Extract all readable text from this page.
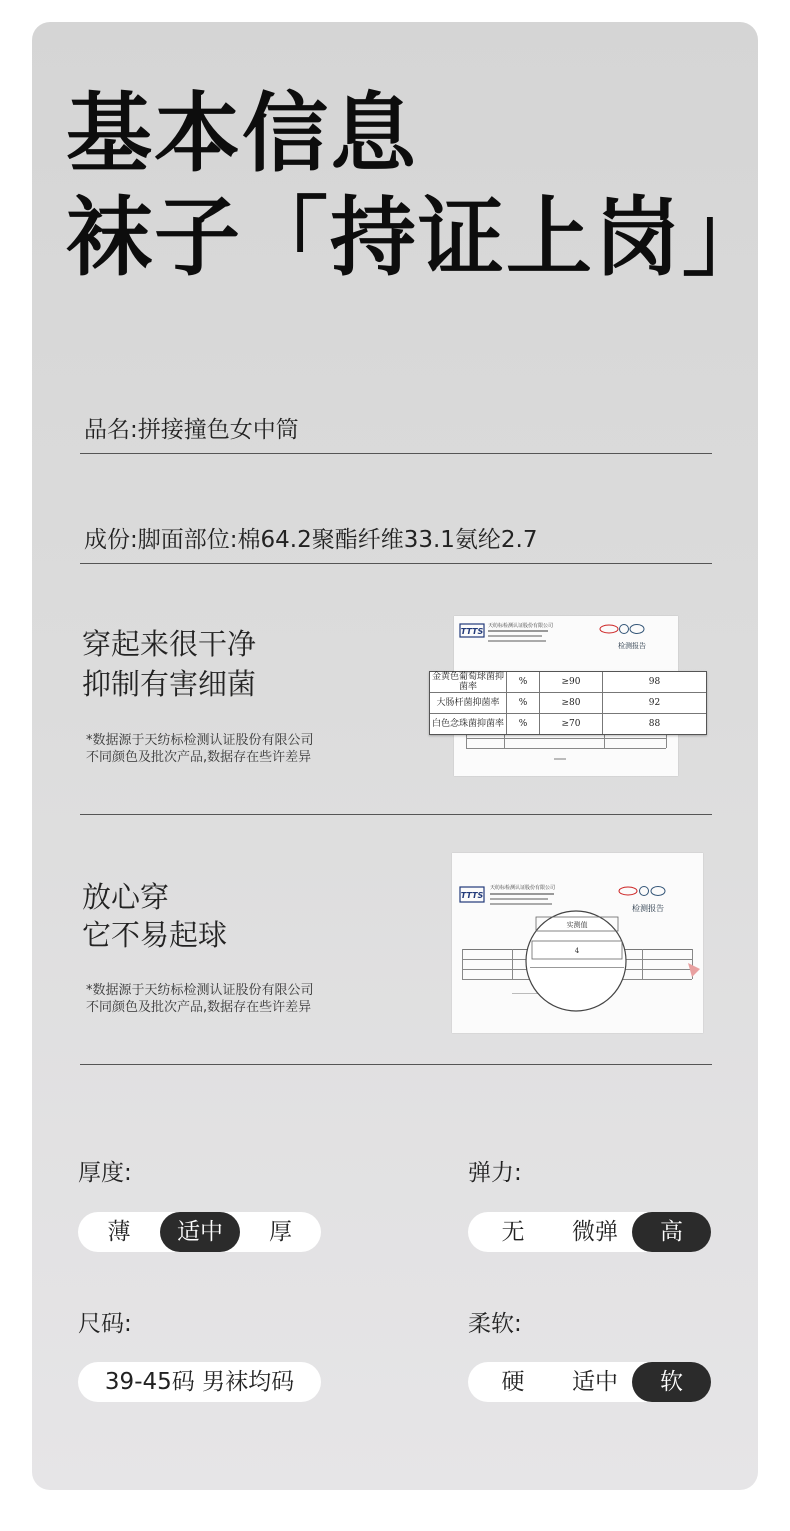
基本信息
袜子「持证上岗」
品名:拼接撞色女中筒
成份:脚面部位:棉64.2聚酯纤维33.1氨纶2.7
穿起来很干净
抑制有害细菌
*数据源于天纺标检测认证股份有限公司
不同颜色及批次产品,数据存在些许差异
TTTS
天纺标检测认证股份有限公司
检测报告
金黄色葡萄球菌抑菌率	%	≥90	98
大肠杆菌抑菌率	%	≥80	92
白色念珠菌抑菌率	%	≥70	88
放心穿
它不易起球
*数据源于天纺标检测认证股份有限公司
不同颜色及批次产品,数据存在些许差异
TTTS
天纺标检测认证股份有限公司
检测报告
实测值
4
厚度:
薄	适中	厚
弹力:
无	微弹	高
尺码:
39-45码 男袜均码
柔软:
硬	适中	软
